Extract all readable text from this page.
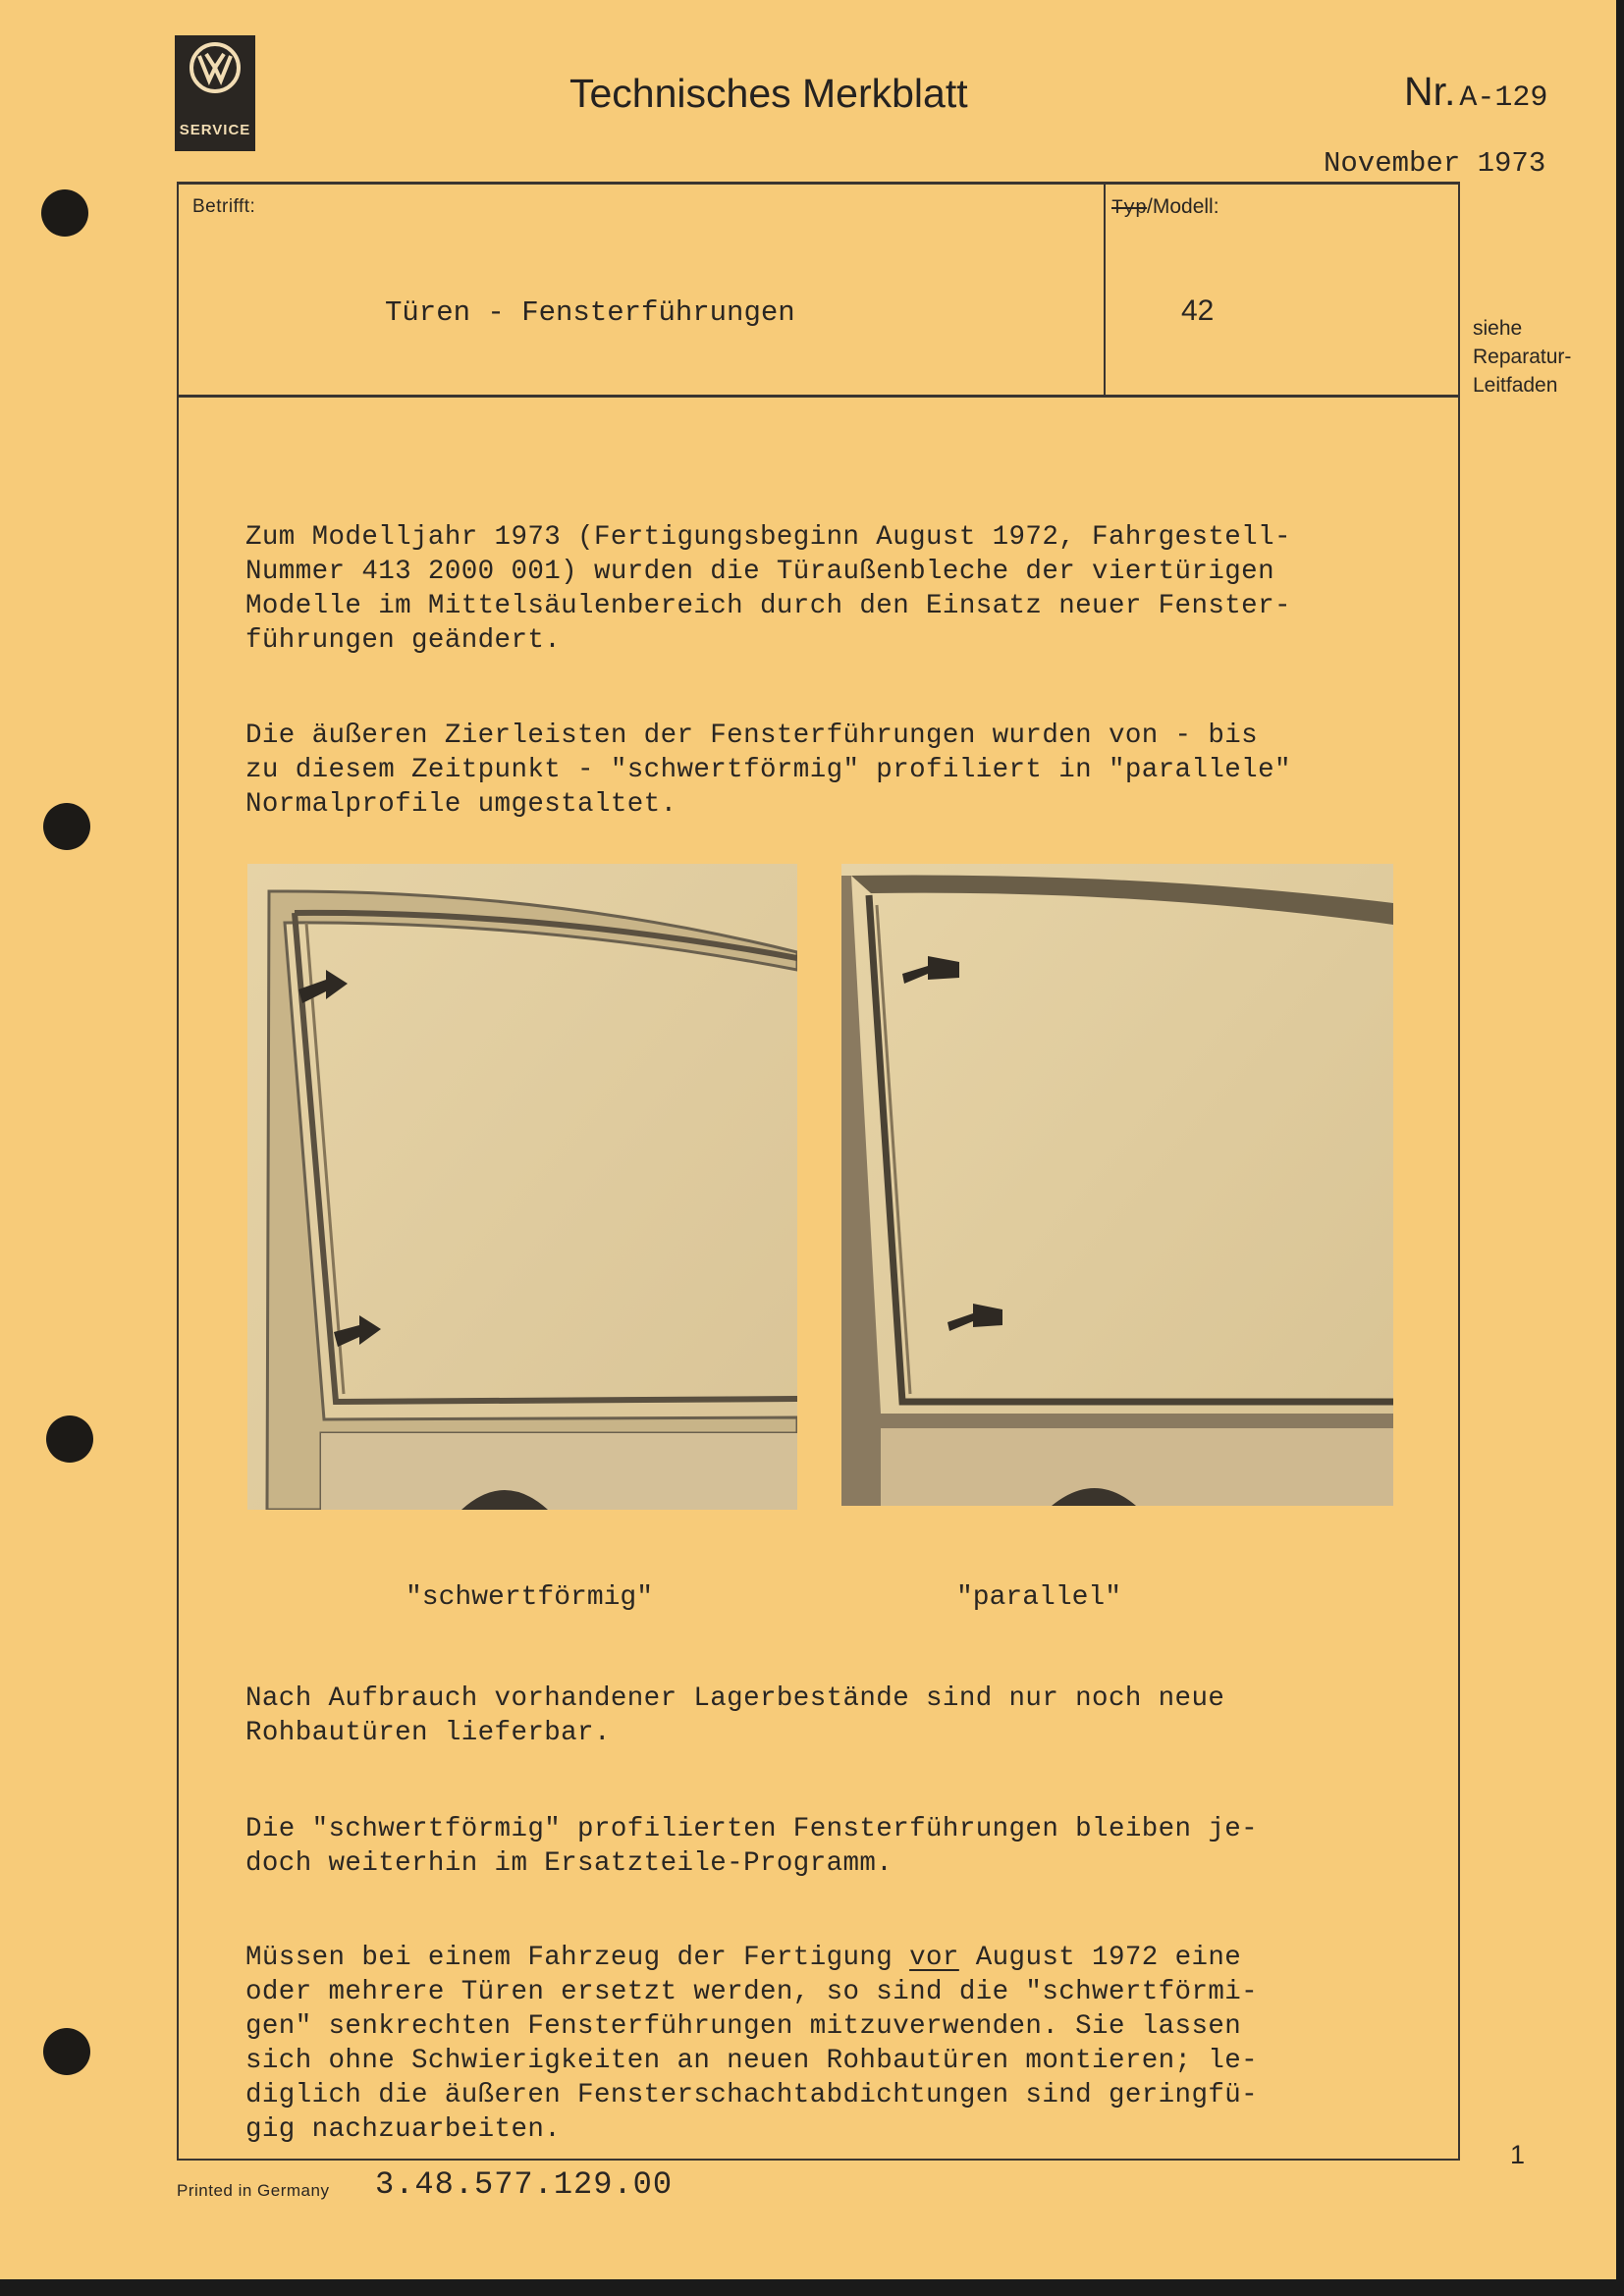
SERVICE
Technisches Merkblatt	Nr. A-129
November 1973
Betrifft:	Typ/Modell:
Türen - Fensterführungen	42
siehe
Reparatur-
Leitfaden
Zum Modelljahr 1973 (Fertigungsbeginn August 1972, Fahrgestell-
Nummer 413 2000 001) wurden die Türaußenbleche der viertürigen
Modelle im Mittelsäulenbereich durch den Einsatz neuer Fenster-
führungen geändert.
Die äußeren Zierleisten der Fensterführungen wurden von - bis
zu diesem Zeitpunkt - "schwertförmig" profiliert in "parallele"
Normalprofile umgestaltet.
"schwertförmig"	"parallel"
Nach Aufbrauch vorhandener Lagerbestände sind nur noch neue
Rohbautüren lieferbar.
Die "schwertförmig" profilierten Fensterführungen bleiben je-
doch weiterhin im Ersatzteile-Programm.
Müssen bei einem Fahrzeug der Fertigung vor August 1972 eine
oder mehrere Türen ersetzt werden, so sind die "schwertförmi-
gen" senkrechten Fensterführungen mitzuverwenden. Sie lassen
sich ohne Schwierigkeiten an neuen Rohbautüren montieren; le-
diglich die äußeren Fensterschachtabdichtungen sind geringfü-
gig nachzuarbeiten.
Printed in Germany 3.48.577.129.00
1
